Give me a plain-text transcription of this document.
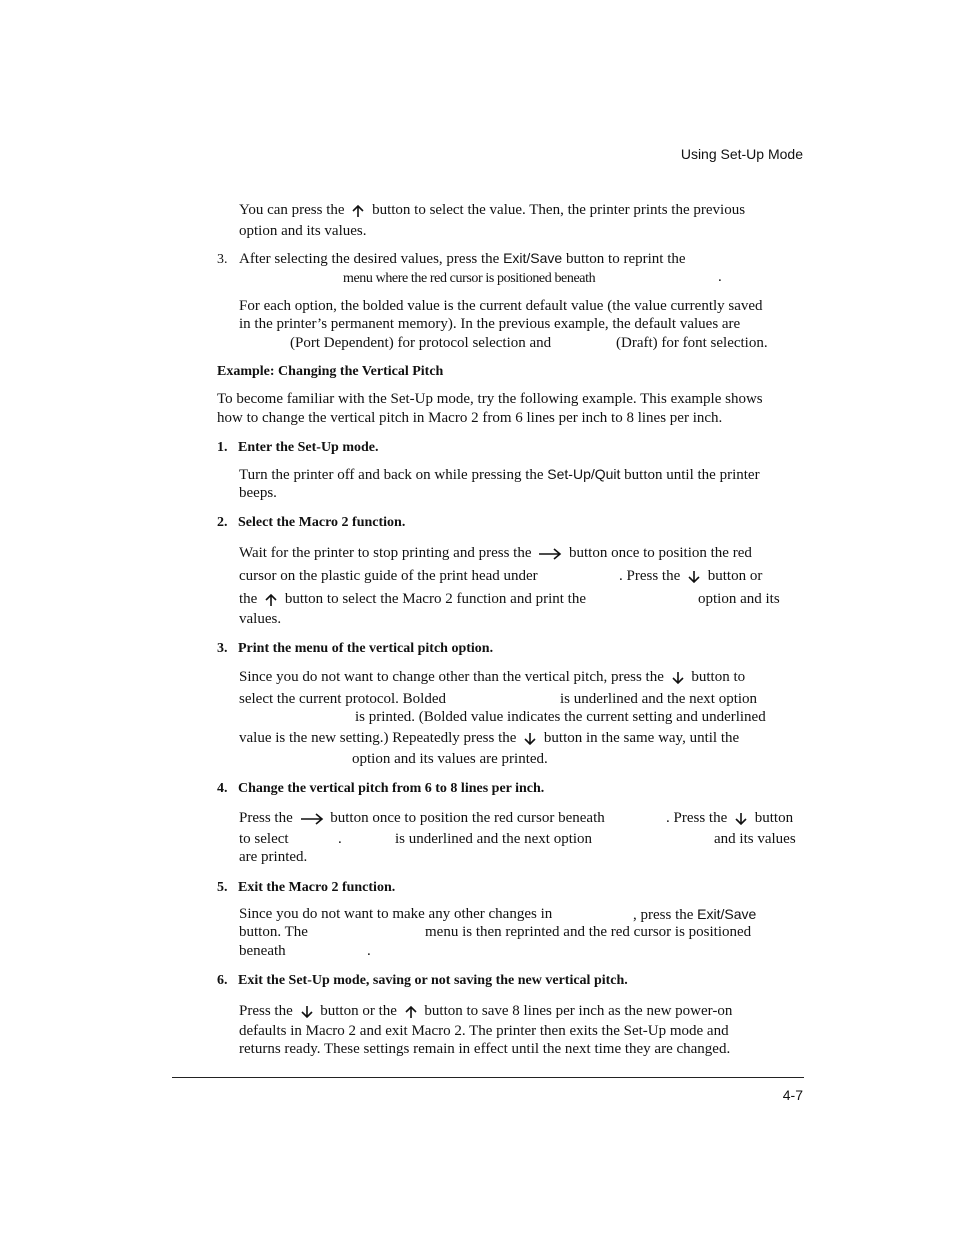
Using Set-Up Mode
You can press the button to select the value. Then, the printer prints the previous
option and its values.
3. After selecting the desired values, press the Exit/Save button to reprint the
menu where the red cursor is positioned beneath	.
For each option, the bolded value is the current default value (the value currently saved
in the printer’s permanent memory). In the previous example, the default values are
(Port Dependent) for protocol selection and	(Draft) for font selection.
Example: Changing the Vertical Pitch
To become familiar with the Set-Up mode, try the following example. This example shows
how to change the vertical pitch in Macro 2 from 6 lines per inch to 8 lines per inch.
1.   Enter the Set-Up mode.
Turn the printer off and back on while pressing the Set-Up/Quit button until the printer
beeps.
2.   Select the Macro 2 function.
Wait for the printer to stop printing and press the	button once to position the red
cursor on the plastic guide of the print head under	. Press the button or
the button to select the Macro 2 function and print the	option and its
values.
3.   Print the menu of the vertical pitch option.
Since you do not want to change other than the vertical pitch, press the button to
select the current protocol. Bolded	is underlined and the next option
is printed. (Bolded value indicates the current setting and underlined
value is the new setting.) Repeatedly press the button in the same way, until the
option and its values are printed.
4.   Change the vertical pitch from 6 to 8 lines per inch.
Press the	button once to position the red cursor beneath	. Press the button
to select	.	is underlined and the next option	and its values
are printed.
5.   Exit the Macro 2 function.
Since you do not want to make any other changes in	, press the Exit/Save
button. The	menu is then reprinted and the red cursor is positioned
beneath	.
6.   Exit the Set-Up mode, saving or not saving the new vertical pitch.
Press the button or the button to save 8 lines per inch as the new power-on
defaults in Macro 2 and exit Macro 2. The printer then exits the Set-Up mode and
returns ready. These settings remain in effect until the next time they are changed.
4-7
